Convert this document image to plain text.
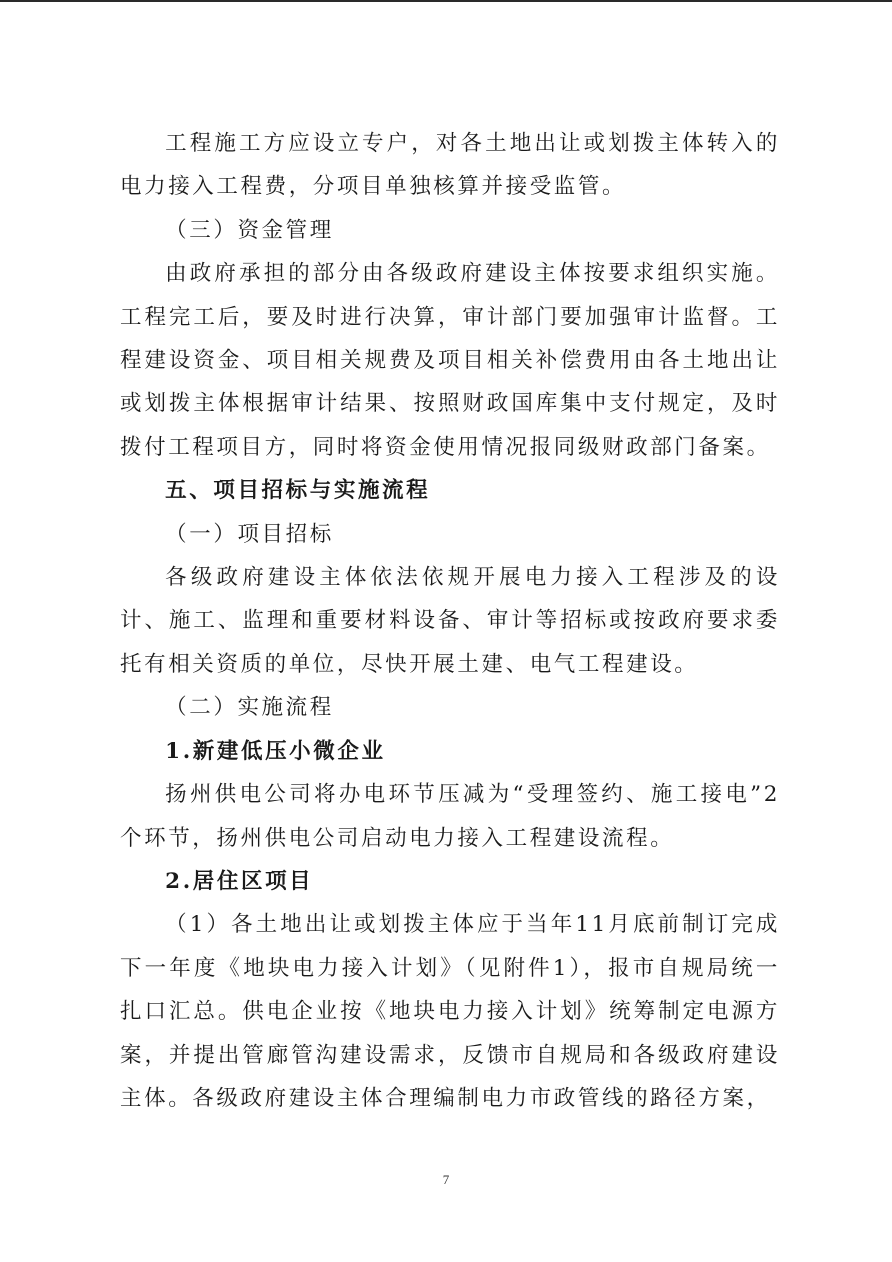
工程施工方应设立专户，对各土地出让或划拨主体转入的电力接入工程费，分项目单独核算并接受监管。

（三）资金管理

由政府承担的部分由各级政府建设主体按要求组织实施。工程完工后，要及时进行决算，审计部门要加强审计监督。工程建设资金、项目相关规费及项目相关补偿费用由各土地出让或划拨主体根据审计结果、按照财政国库集中支付规定，及时拨付工程项目方，同时将资金使用情况报同级财政部门备案。

五、项目招标与实施流程

（一）项目招标

各级政府建设主体依法依规开展电力接入工程涉及的设计、施工、监理和重要材料设备、审计等招标或按政府要求委托有相关资质的单位，尽快开展土建、电气工程建设。

（二）实施流程

1.新建低压小微企业

扬州供电公司将办电环节压减为“受理签约、施工接电”2个环节，扬州供电公司启动电力接入工程建设流程。

2.居住区项目

（1）各土地出让或划拨主体应于当年11月底前制订完成下一年度《地块电力接入计划》（见附件1），报市自规局统一扎口汇总。供电企业按《地块电力接入计划》统筹制定电源方案，并提出管廊管沟建设需求，反馈市自规局和各级政府建设主体。各级政府建设主体合理编制电力市政管线的路径方案，

7
